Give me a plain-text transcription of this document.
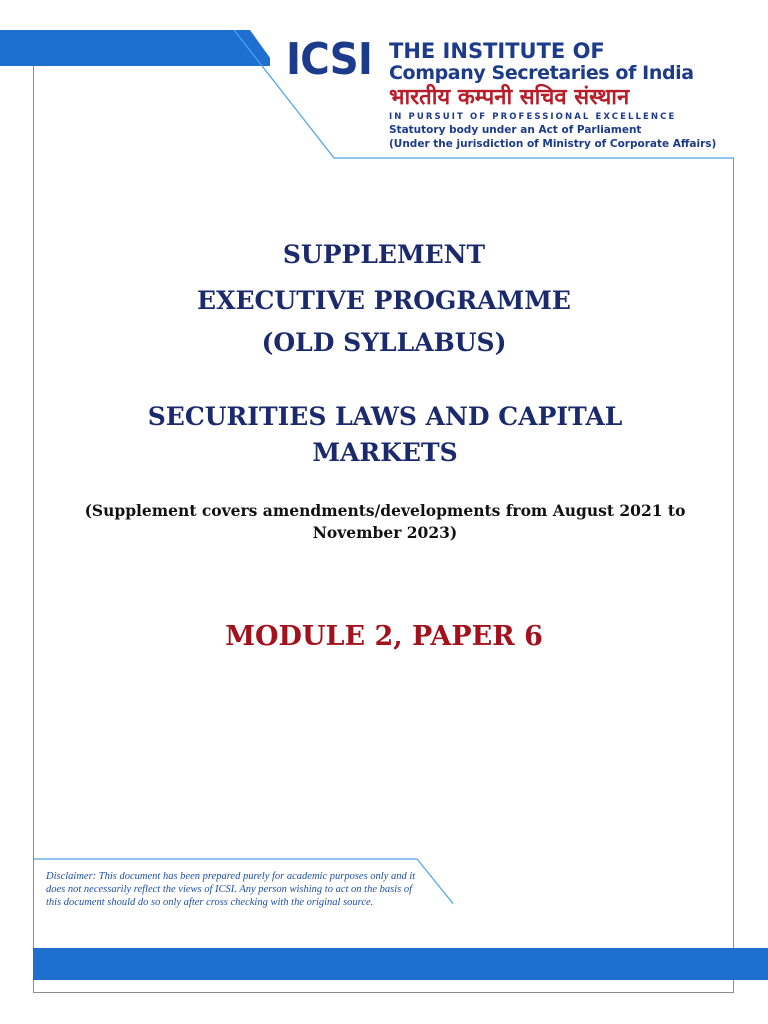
ICSI THE INSTITUTE OF
Company Secretaries of India
भारतीय कम्पनी सचिव संस्थान
IN PURSUIT OF PROFESSIONAL EXCELLENCE
Statutory body under an Act of Parliament
(Under the jurisdiction of Ministry of Corporate Affairs)
SUPPLEMENT
EXECUTIVE PROGRAMME
(OLD SYLLABUS)
SECURITIES LAWS AND CAPITAL MARKETS
(Supplement covers amendments/developments from August 2021 to November 2023)
MODULE 2, PAPER 6
Disclaimer: This document has been prepared purely for academic purposes only and it does not necessarily reflect the views of ICSI. Any person wishing to act on the basis of this document should do so only after cross checking with the original source.
